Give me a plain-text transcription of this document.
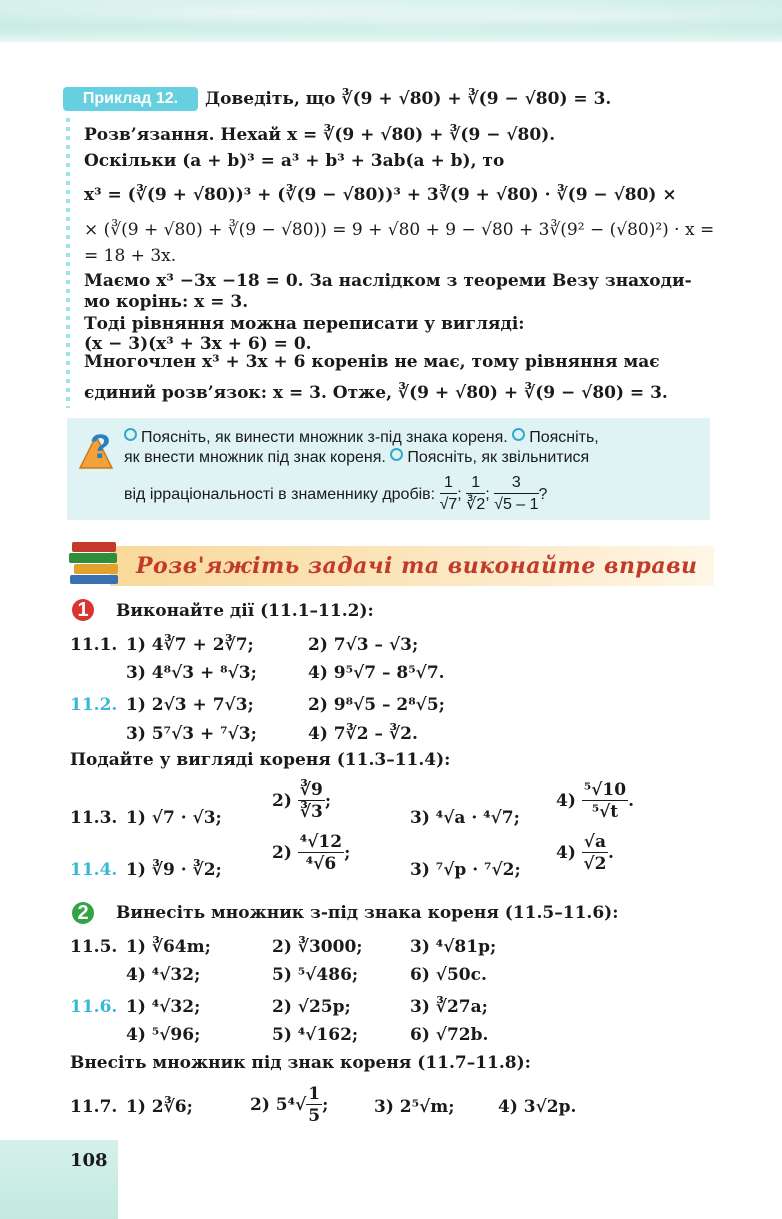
Приклад 12.	Доведіть, що ∛(9 + √80) + ∛(9 − √80) = 3.
Розв’язання. Нехай x = ∛(9 + √80) + ∛(9 − √80).
Оскільки (a + b)³ = a³ + b³ + 3ab(a + b), то
x³ = (∛(9 + √80))³ + (∛(9 − √80))³ + 3∛(9 + √80) · ∛(9 − √80) ×
× (∛(9 + √80) + ∛(9 − √80)) = 9 + √80 + 9 − √80 + 3∛(9² − (√80)²) · x =
= 18 + 3x.
Маємо x³ −3x −18 = 0. За наслідком з теореми Везу знаходи-
мо корінь: x = 3.
Тоді рівняння можна переписати у вигляді:
(x − 3)(x³ + 3x + 6) = 0.
Многочлен x³ + 3x + 6 коренів не має, тому рівняння має
єдиний розв’язок: x = 3. Отже, ∛(9 + √80) + ∛(9 − √80) = 3.
?	Поясніть, як винести множник з-під знака кореня. Поясніть,
як внести множник під знак кореня. Поясніть, як звільнитися
від ірраціональності в знаменнику дробів: $\frac{1}{√7}$ ; $\frac{1}{∛2}$ ; $\frac{3}{√5 - 1}$ ?
Розв'яжіть задачі та виконайте вправи
1	Виконайте дії (11.1–11.2):
11.1. 1) 4∛7 + 2∛7;	2) 7√3 – √3;
3) 4⁸√3 + ⁸√3;	4) 9⁵√7 – 8⁵√7.
11.2. 1) 2√3 + 7√3;	2) 9⁸√5 – 2⁸√5;
3) 5⁷√3 + ⁷√3;	4) 7∛2 – ∛2.
Подайте у вигляді кореня (11.3–11.4):
11.3. 1) √7 · √3;
$2) \frac{∛9}{∛3}$ ;
3) ⁴√a · ⁴√7;
$4) \frac{\text{⁵√10}}{\text{⁵√t}}$ .
11.4. 1) ∛9 · ∛2;
$2) \frac{\text{⁴√12}}{\text{⁴√6}}$ ;
3) ⁷√p · ⁷√2;
$4) \frac{√a}{√2}$ .
2	Винесіть множник з-під знака кореня (11.5–11.6):
11.5. 1) ∛64m;	2) ∛3000;	3) ⁴√81p;
4) ⁴√32;	5) ⁵√486;	6) √50c.
11.6. 1) ⁴√32;	2) √25p;	3) ∛27a;
4) ⁵√96;	5) ⁴√162;	6) √72b.
Внесіть множник під знак кореня (11.7–11.8):
11.7. 1) 2∛6;	2) $5^4√ \frac{1}{5}$ ;	3) 2⁵√m;	4) 3√2p.
108
